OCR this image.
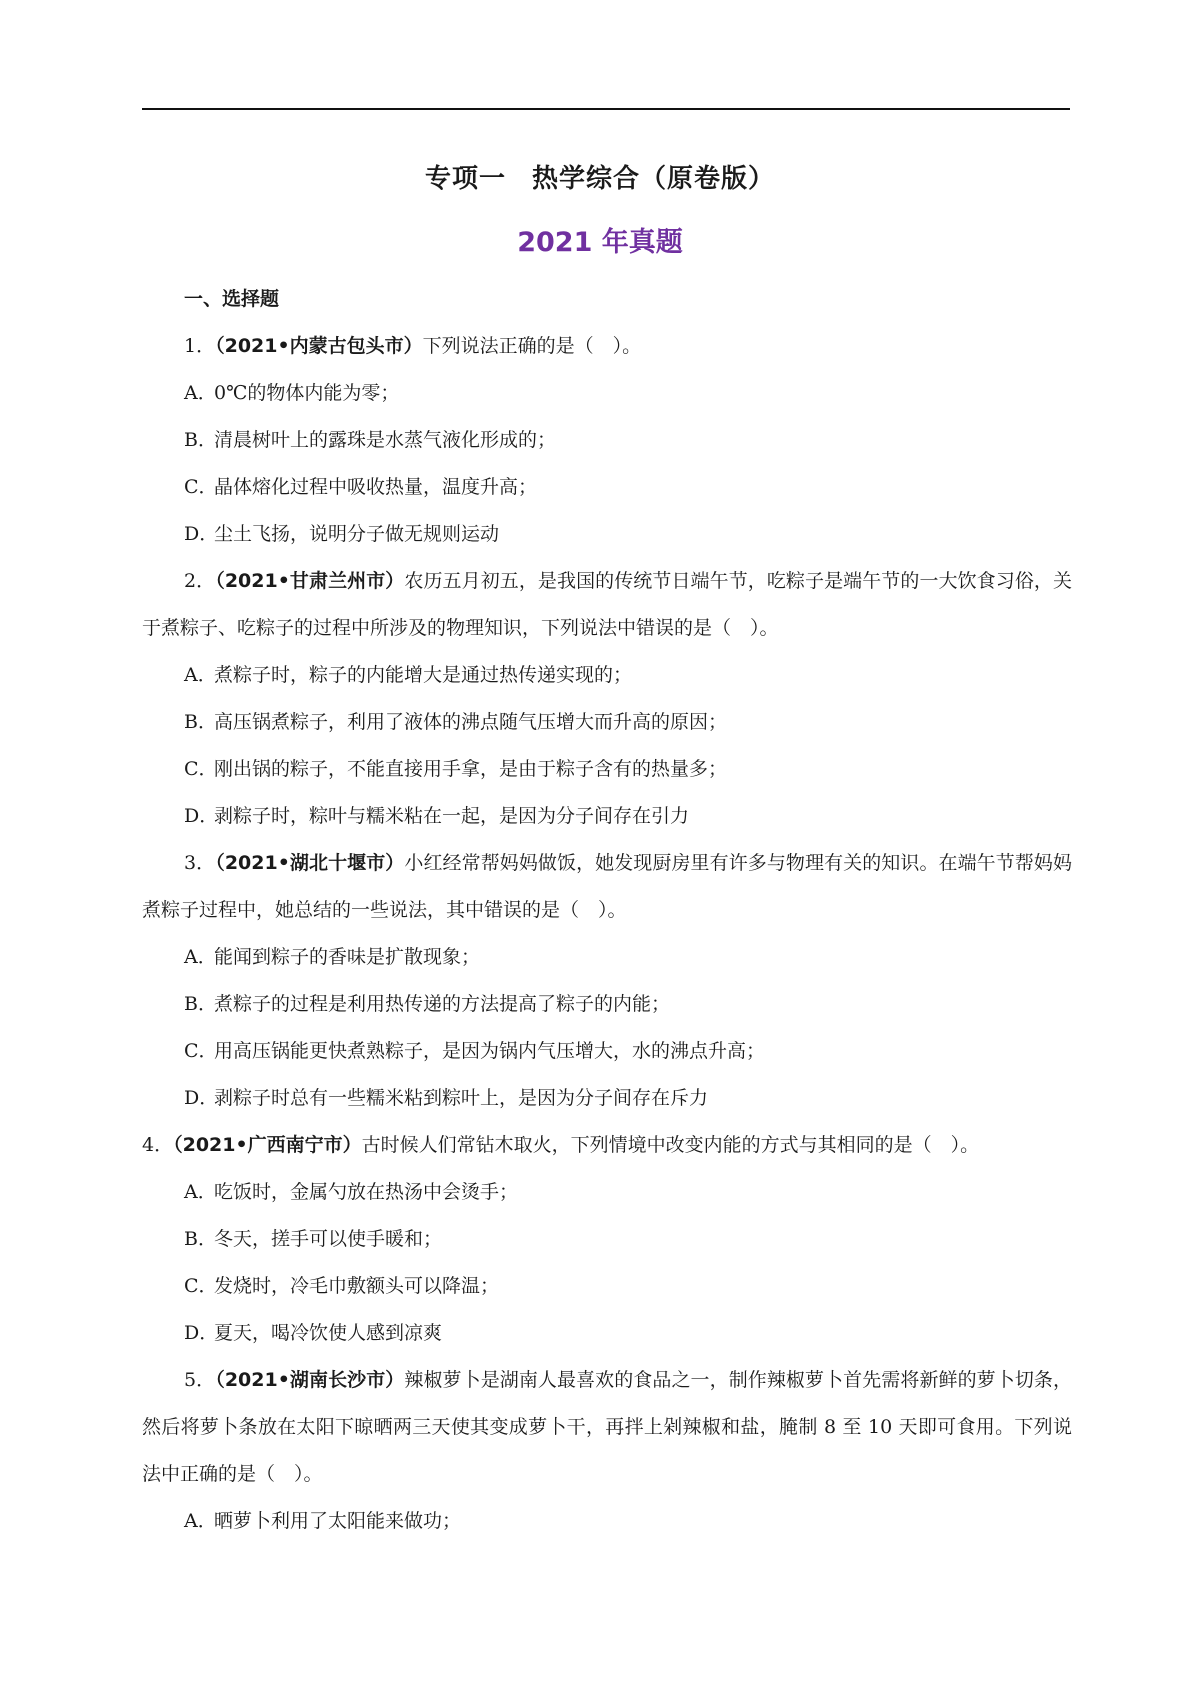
专项一 热学综合（原卷版）
2021 年真题
一、选择题
1．（2021•内蒙古包头市）下列说法正确的是（　）。
A．0℃的物体内能为零；
B．清晨树叶上的露珠是水蒸气液化形成的；
C．晶体熔化过程中吸收热量，温度升高；
D．尘土飞扬，说明分子做无规则运动
2．（2021•甘肃兰州市）农历五月初五，是我国的传统节日端午节，吃粽子是端午节的一大饮食习俗，关于煮粽子、吃粽子的过程中所涉及的物理知识，下列说法中错误的是（　）。
A．煮粽子时，粽子的内能增大是通过热传递实现的；
B．高压锅煮粽子，利用了液体的沸点随气压增大而升高的原因；
C．刚出锅的粽子，不能直接用手拿，是由于粽子含有的热量多；
D．剥粽子时，粽叶与糯米粘在一起，是因为分子间存在引力
3．（2021•湖北十堰市）小红经常帮妈妈做饭，她发现厨房里有许多与物理有关的知识。在端午节帮妈妈煮粽子过程中，她总结的一些说法，其中错误的是（　）。
A．能闻到粽子的香味是扩散现象；
B．煮粽子的过程是利用热传递的方法提高了粽子的内能；
C．用高压锅能更快煮熟粽子，是因为锅内气压增大，水的沸点升高；
D．剥粽子时总有一些糯米粘到粽叶上，是因为分子间存在斥力
4．（2021•广西南宁市）古时候人们常钻木取火，下列情境中改变内能的方式与其相同的是（　）。
A．吃饭时，金属勺放在热汤中会烫手；
B．冬天，搓手可以使手暖和；
C．发烧时，冷毛巾敷额头可以降温；
D．夏天，喝冷饮使人感到凉爽
5．（2021•湖南长沙市）辣椒萝卜是湖南人最喜欢的食品之一，制作辣椒萝卜首先需将新鲜的萝卜切条，然后将萝卜条放在太阳下晾晒两三天使其变成萝卜干，再拌上剁辣椒和盐，腌制 8 至 10 天即可食用。下列说法中正确的是（　）。
A．晒萝卜利用了太阳能来做功；
